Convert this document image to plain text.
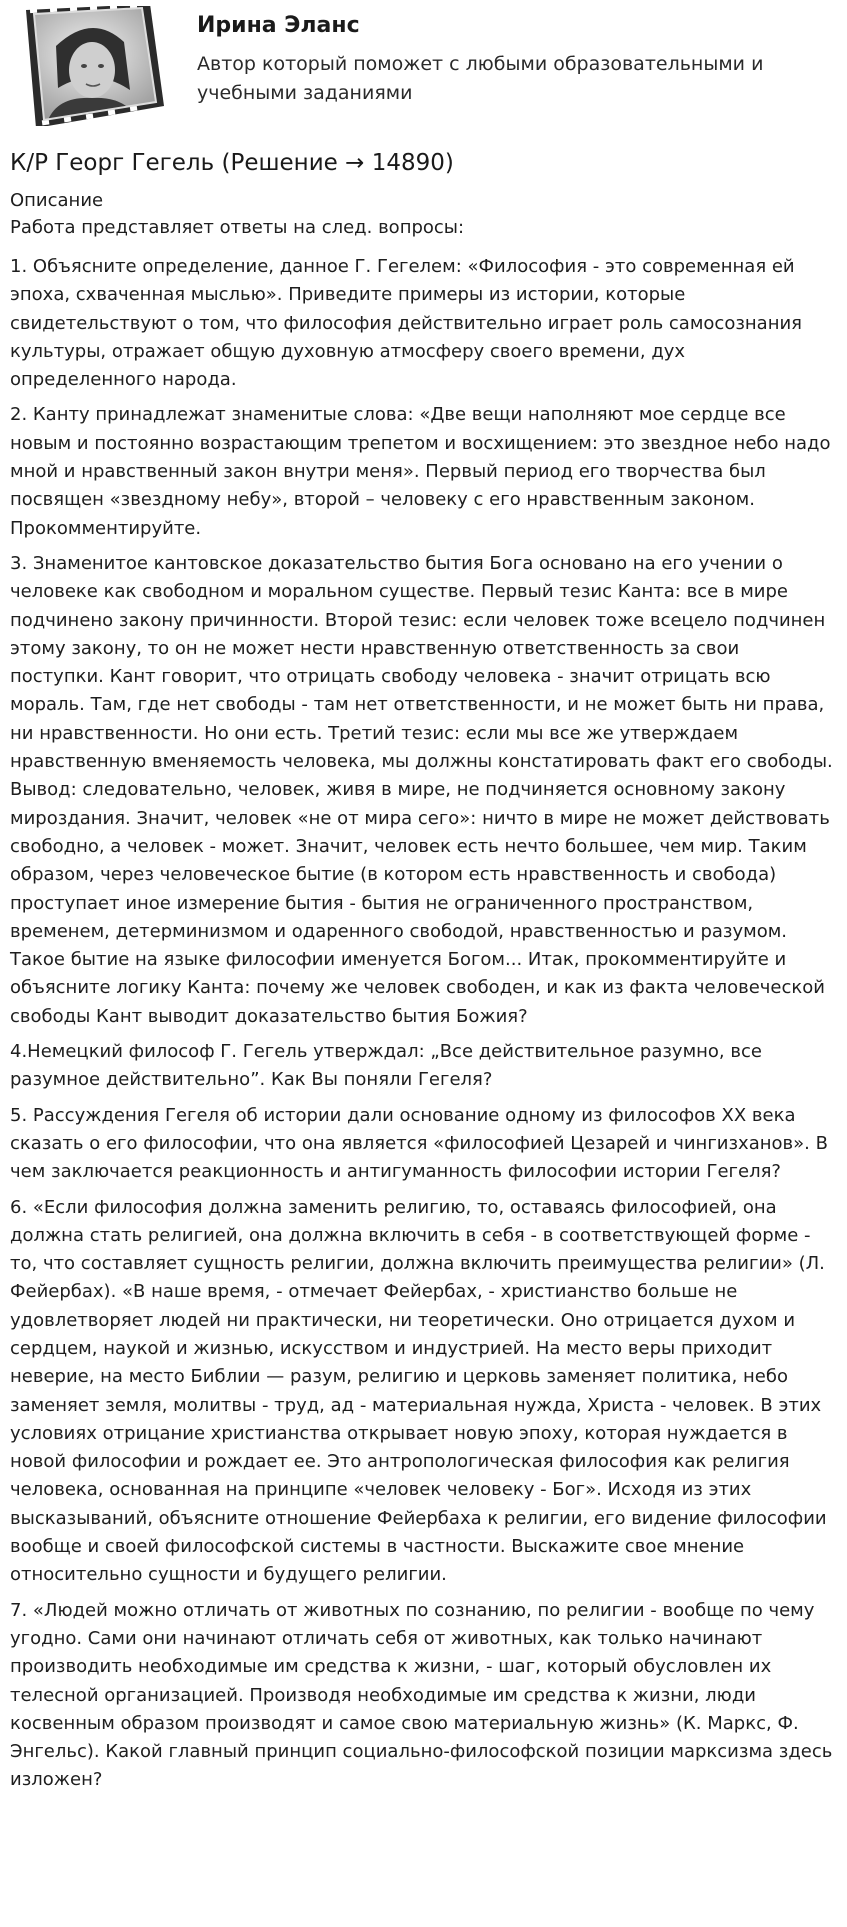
Ирина Эланс

Автор который поможет с любыми образовательными и учебными заданиями

К/Р Георг Гегель (Решение → 14890)

Описание

Работа представляет ответы на след. вопросы:

1. Объясните определение, данное Г. Гегелем: «Философия - это современная ей эпоха, схваченная мыслью». Приведите примеры из истории, которые свидетельствуют о том, что философия действительно играет роль самосознания культуры, отражает общую духовную атмосферу своего времени, дух определенного народа.

2. Канту принадлежат знаменитые слова: «Две вещи наполняют мое сердце все новым и постоянно возрастающим трепетом и восхищением: это звездное небо надо мной и нравственный закон внутри меня». Первый период его творчества был посвящен «звездному небу», второй – человеку с его нравственным законом. Прокомментируйте.

3. Знаменитое кантовское доказательство бытия Бога основано на его учении о человеке как свободном и моральном существе. Первый тезис Канта: все в мире подчинено закону причинности. Второй тезис: если человек тоже всецело подчинен этому закону, то он не может нести нравственную ответственность за свои поступки. Кант говорит, что отрицать свободу человека - значит отрицать всю мораль. Там, где нет свободы - там нет ответственности, и не может быть ни права, ни нравственности. Но они есть. Третий тезис: если мы все же утверждаем нравственную вменяемость человека, мы должны констатировать факт его свободы. Вывод: следовательно, человек, живя в мире, не подчиняется основному закону мироздания. Значит, человек «не от мира сего»: ничто в мире не может действовать свободно, а человек - может. Значит, человек есть нечто большее, чем мир. Таким образом, через человеческое бытие (в котором есть нравственность и свобода) проступает иное измерение бытия - бытия не ограниченного пространством, временем, детерминизмом и одаренного свободой, нравственностью и разумом. Такое бытие на языке философии именуется Богом... Итак, прокомментируйте и объясните логику Канта: почему же человек свободен, и как из факта человеческой свободы Кант выводит доказательство бытия Божия?

4.Немецкий философ Г. Гегель утверждал: „Все действительное разумно, все разумное действительно”. Как Вы поняли Гегеля?

5. Рассуждения Гегеля об истории дали основание одному из философов XX века сказать о его философии, что она является «философией Цезарей и чингизханов». В чем заключается реакционность и антигуманность философии истории Гегеля?

6. «Если философия должна заменить религию, то, оставаясь философией, она должна стать религией, она должна включить в себя - в соответствующей форме - то, что составляет сущность религии, должна включить преимущества религии» (Л. Фейербах). «В наше время, - отмечает Фейербах, - христианство больше не удовлетворяет людей ни практически, ни теоретически. Оно отрицается духом и сердцем, наукой и жизнью, искусством и индустрией. На место веры приходит неверие, на место Библии — разум, религию и церковь заменяет политика, небо заменяет земля, молитвы - труд, ад - материальная нужда, Христа - человек. В этих условиях отрицание христианства открывает новую эпоху, которая нуждается в новой философии и рождает ее. Это антропологическая философия как религия человека, основанная на принципе «человек человеку - Бог». Исходя из этих высказываний, объясните отношение Фейербаха к религии, его видение философии вообще и своей философской системы в частности. Выскажите свое мнение относительно сущности и будущего религии.

7. «Людей можно отличать от животных по сознанию, по религии - вообще по чему угодно. Сами они начинают отличать себя от животных, как только начинают производить необходимые им средства к жизни, - шаг, который обусловлен их телесной организацией. Производя необходимые им средства к жизни, люди косвенным образом производят и самое свою материальную жизнь» (К. Маркс, Ф. Энгельс). Какой главный принцип социально-философской позиции марксизма здесь изложен?
